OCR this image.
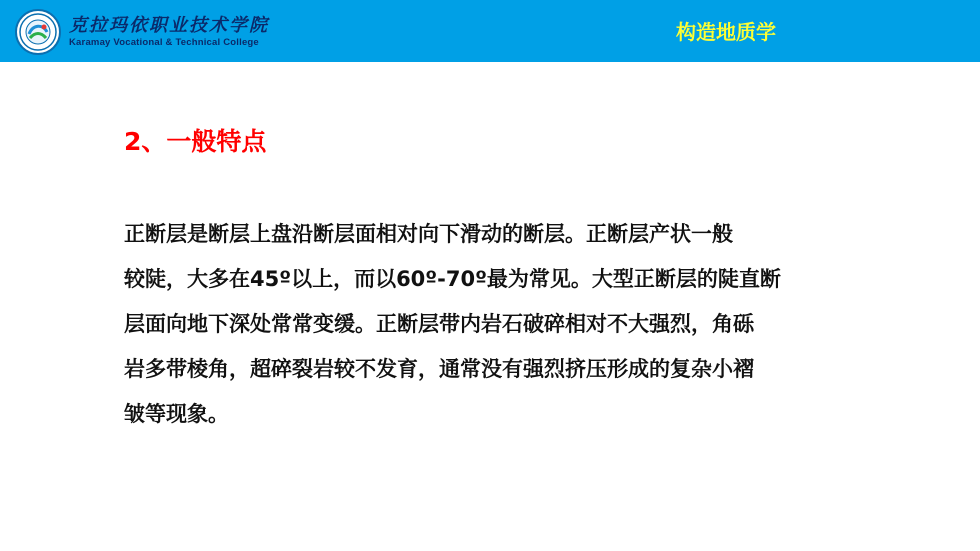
克拉玛依职业技术学院
Karamay Vocational & Technical College	构造地质学
2、一般特点

正断层是断层上盘沿断层面相对向下滑动的断层。正断层产状一般
较陡，大多在45º以上，而以60º-70º最为常见。大型正断层的陡直断
层面向地下深处常常变缓。正断层带内岩石破碎相对不大强烈，角砾
岩多带棱角，超碎裂岩较不发育，通常没有强烈挤压形成的复杂小褶
皱等现象。
